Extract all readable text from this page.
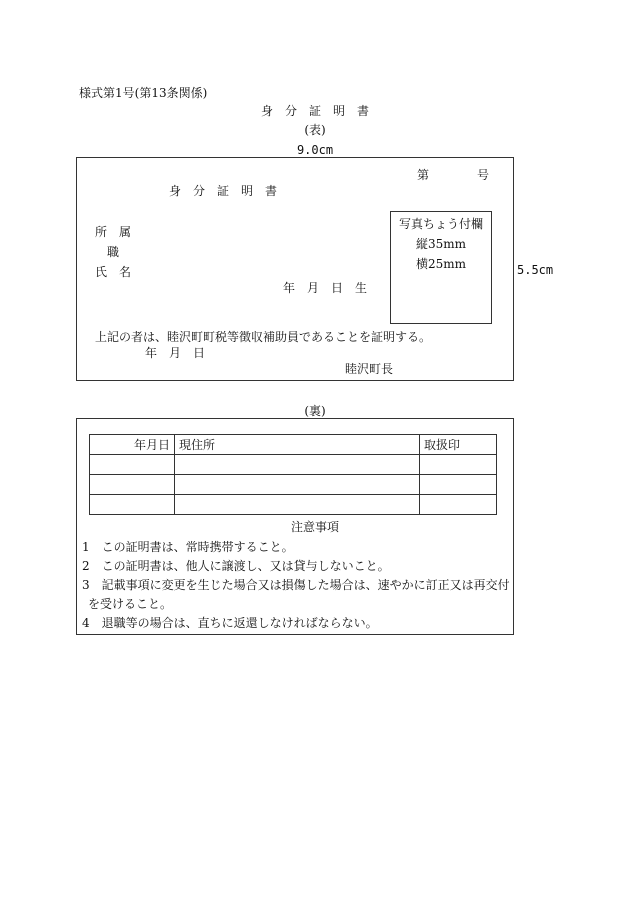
様式第1号(第13条関係)
身　分　証　明　書
(表)
9.0cm
5.5cm
第　　　　号
身　分　証　明　書
所　属
職
氏　名
年　月　日　生
写真ちょう付欄
縦35mm
横25mm
上記の者は、睦沢町町税等徴収補助員であることを証明する。
年　月　日
睦沢町長
(裏)
年月日	現住所	取扱印

注意事項
1　この証明書は、常時携帯すること。
2　この証明書は、他人に譲渡し、又は貸与しないこと。
3　記載事項に変更を生じた場合又は損傷した場合は、速やかに訂正又は再交付
を受けること。
4　退職等の場合は、直ちに返還しなければならない。
